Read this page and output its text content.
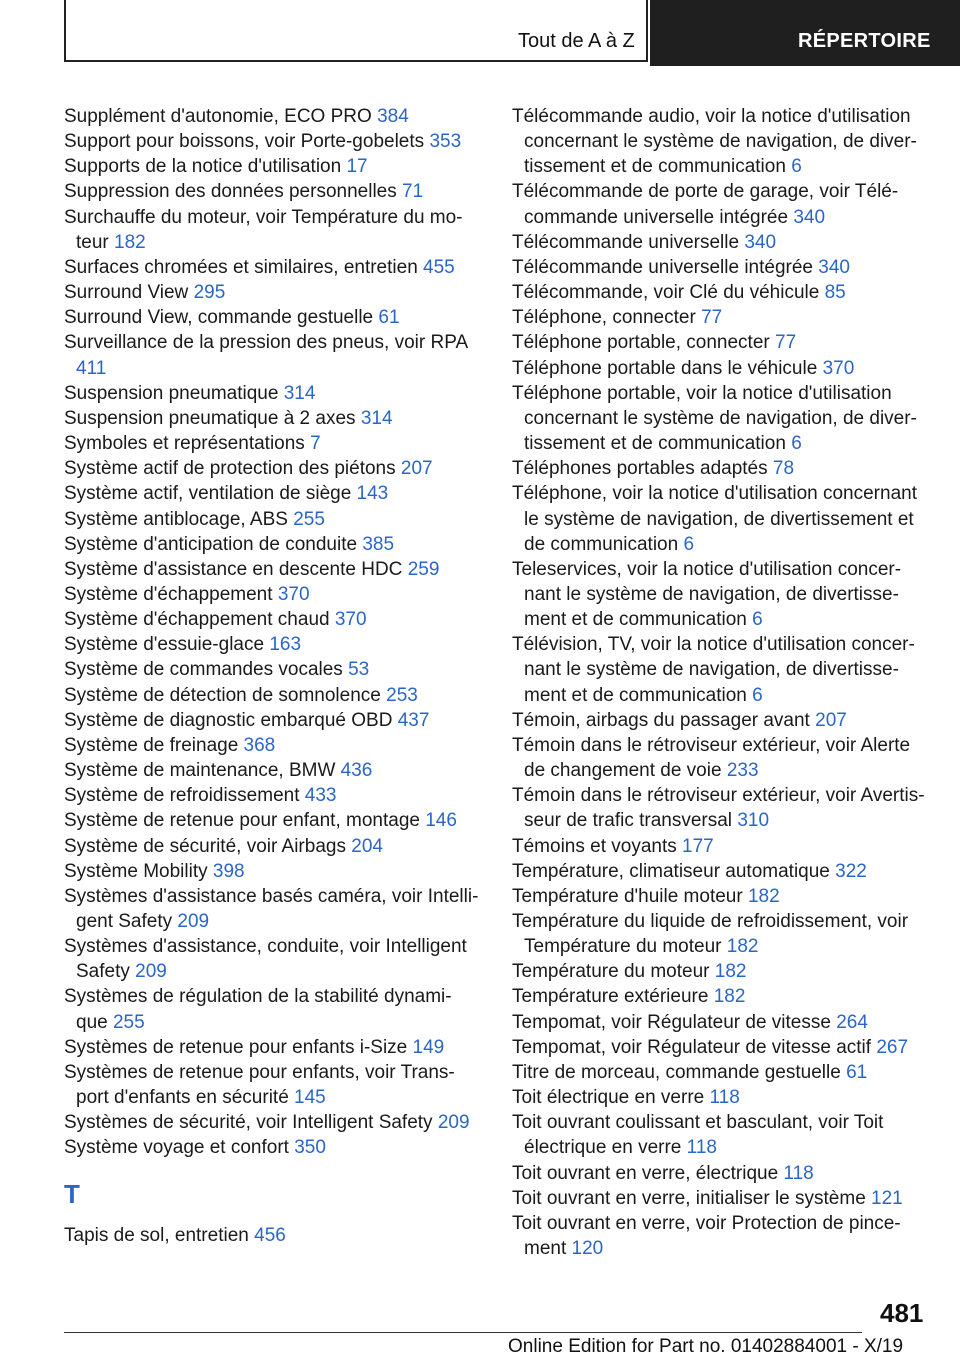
Tout de A à Z	RÉPERTOIRE

Supplément d'autonomie, ECO PRO 384

Support pour boissons, voir Porte-gobelets 353

Supports de la notice d'utilisation 17

Suppression des données personnelles 71

Surchauffe du moteur, voir Température du mo- teur 182

Surfaces chromées et similaires, entretien 455

Surround View 295

Surround View, commande gestuelle 61

Surveillance de la pression des pneus, voir RPA 411

Suspension pneumatique 314

Suspension pneumatique à 2 axes 314

Symboles et représentations 7

Système actif de protection des piétons 207

Système actif, ventilation de siège 143

Système antiblocage, ABS 255

Système d'anticipation de conduite 385

Système d'assistance en descente HDC 259

Système d'échappement 370

Système d'échappement chaud 370

Système d'essuie-glace 163

Système de commandes vocales 53

Système de détection de somnolence 253

Système de diagnostic embarqué OBD 437

Système de freinage 368

Système de maintenance, BMW 436

Système de refroidissement 433

Système de retenue pour enfant, montage 146

Système de sécurité, voir Airbags 204

Système Mobility 398

Systèmes d'assistance basés caméra, voir Intelli- gent Safety 209

Systèmes d'assistance, conduite, voir Intelligent Safety 209

Systèmes de régulation de la stabilité dynami- que 255

Systèmes de retenue pour enfants i-Size 149

Systèmes de retenue pour enfants, voir Trans- port d'enfants en sécurité 145

Systèmes de sécurité, voir Intelligent Safety 209

Système voyage et confort 350

T

Tapis de sol, entretien 456

Télécommande audio, voir la notice d'utilisation concernant le système de navigation, de diver- tissement et de communication 6

Télécommande de porte de garage, voir Télé- commande universelle intégrée 340

Télécommande universelle 340

Télécommande universelle intégrée 340

Télécommande, voir Clé du véhicule 85

Téléphone, connecter 77

Téléphone portable, connecter 77

Téléphone portable dans le véhicule 370

Téléphone portable, voir la notice d'utilisation concernant le système de navigation, de diver- tissement et de communication 6

Téléphones portables adaptés 78

Téléphone, voir la notice d'utilisation concernant le système de navigation, de divertissement et de communication 6

Teleservices, voir la notice d'utilisation concer- nant le système de navigation, de divertisse- ment et de communication 6

Télévision, TV, voir la notice d'utilisation concer- nant le système de navigation, de divertisse- ment et de communication 6

Témoin, airbags du passager avant 207

Témoin dans le rétroviseur extérieur, voir Alerte de changement de voie 233

Témoin dans le rétroviseur extérieur, voir Avertis- seur de trafic transversal 310

Témoins et voyants 177

Température, climatiseur automatique 322

Température d'huile moteur 182

Température du liquide de refroidissement, voir Température du moteur 182

Température du moteur 182

Température extérieure 182

Tempomat, voir Régulateur de vitesse 264

Tempomat, voir Régulateur de vitesse actif 267

Titre de morceau, commande gestuelle 61

Toit électrique en verre 118

Toit ouvrant coulissant et basculant, voir Toit électrique en verre 118

Toit ouvrant en verre, électrique 118

Toit ouvrant en verre, initialiser le système 121

Toit ouvrant en verre, voir Protection de pince- ment 120

481
Online Edition for Part no. 01402884001 - X/19
